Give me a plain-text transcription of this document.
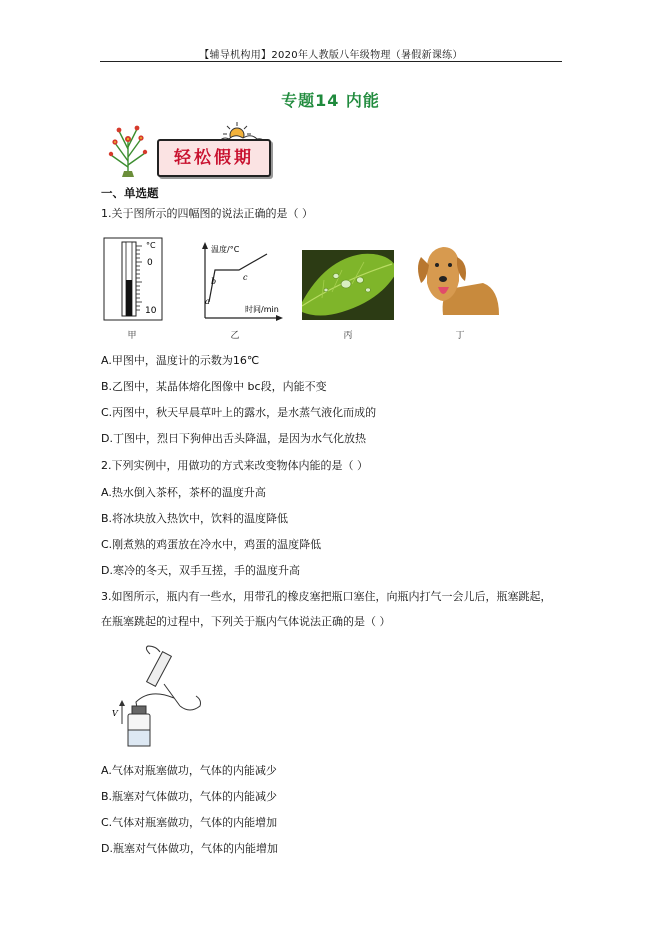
【辅导机构用】2020年人教版八年级物理（暑假新课练）
专题14 内能
轻松假期
一、单选题
1.关于图所示的四幅图的说法正确的是（ ）
°C
0
10
甲
温度/°C
时间/min
a
b	c
乙	丙	丁
A.甲图中，温度计的示数为16℃
B.乙图中，某晶体熔化图像中 bc段，内能不变
C.丙图中，秋天早晨草叶上的露水，是水蒸气液化而成的
D.丁图中，烈日下狗伸出舌头降温，是因为水气化放热
2.下列实例中，用做功的方式来改变物体内能的是（ ）
A.热水倒入茶杯，茶杯的温度升高
B.将冰块放入热饮中，饮料的温度降低
C.刚煮熟的鸡蛋放在冷水中，鸡蛋的温度降低
D.寒冷的冬天，双手互搓，手的温度升高
3.如图所示，瓶内有一些水，用带孔的橡皮塞把瓶口塞住，向瓶内打气一会儿后，瓶塞跳起，
在瓶塞跳起的过程中，下列关于瓶内气体说法正确的是（ ）
V
A.气体对瓶塞做功，气体的内能减少
B.瓶塞对气体做功，气体的内能减少
C.气体对瓶塞做功，气体的内能增加
D.瓶塞对气体做功，气体的内能增加
